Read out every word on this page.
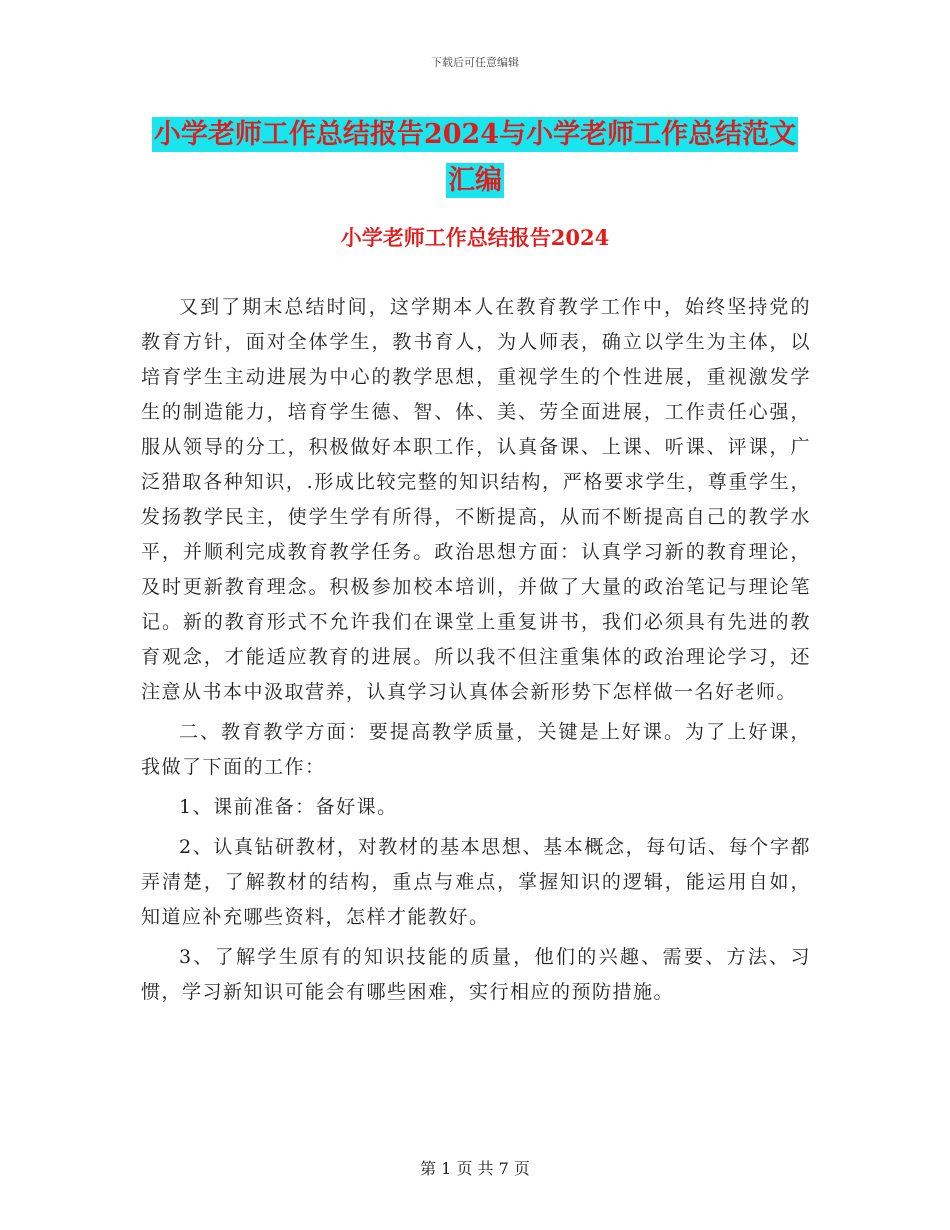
下载后可任意编辑
小学老师工作总结报告2024与小学老师工作总结范文
汇编
小学老师工作总结报告2024

又到了期末总结时间，这学期本人在教育教学工作中，始终坚持党的教育方针，面对全体学生，教书育人，为人师表，确立以学生为主体，以培育学生主动进展为中心的教学思想，重视学生的个性进展，重视激发学生的制造能力，培育学生德、智、体、美、劳全面进展，工作责任心强，服从领导的分工，积极做好本职工作，认真备课、上课、听课、评课，广泛猎取各种知识，.形成比较完整的知识结构，严格要求学生，尊重学生，发扬教学民主，使学生学有所得，不断提高，从而不断提高自己的教学水平，并顺利完成教育教学任务。政治思想方面：认真学习新的教育理论，及时更新教育理念。积极参加校本培训，并做了大量的政治笔记与理论笔记。新的教育形式不允许我们在课堂上重复讲书，我们必须具有先进的教育观念，才能适应教育的进展。所以我不但注重集体的政治理论学习，还注意从书本中汲取营养，认真学习认真体会新形势下怎样做一名好老师。

二、教育教学方面：要提高教学质量，关键是上好课。为了上好课，我做了下面的工作：

1、课前准备：备好课。

2、认真钻研教材，对教材的基本思想、基本概念，每句话、每个字都弄清楚，了解教材的结构，重点与难点，掌握知识的逻辑，能运用自如，知道应补充哪些资料，怎样才能教好。

3、了解学生原有的知识技能的质量，他们的兴趣、需要、方法、习惯，学习新知识可能会有哪些困难，实行相应的预防措施。

第 1 页 共 7 页
